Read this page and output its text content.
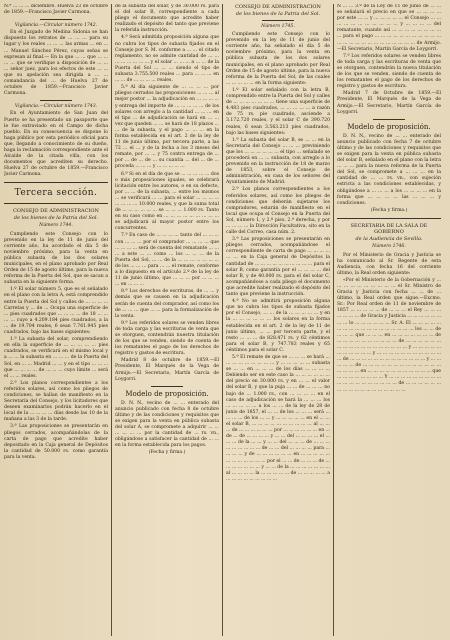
Ñ.ª ... ... ... diciembre. Huelva 23 de octubre de 1859.—Francisco Javier Carmona.

Vigilancia.—Circular número 1742.

En el Juzgado de Medina Sidonia se han dispuesto los retratos de ... ... ... para su lugar y los reales ... ... ... las armas ... en ... ... Manuel Sánchez Pérez, cuyas señas se expresan al final.— En la que ... ... que ... ... ... ... que se verifique a disposición de ... ... ... señor juez, para los efectos de este ... ... que su apelación sea dirigida a ... ... comandancia del ... de Huelva 27 de octubre de 1859.—Francisco Javier Carmona.

Vigilancia.—Circular número 1743.

En el Ayuntamiento de San Juan del Puerto se ha presentado un pasaporte que le fue extraviado en el Campo de dicha pueblo. En su consecuencia se dispone lo haga público por esta periódico oficial para que, llegando a conocimiento de su dueño, haga la reclamación correspondiente ante el Alcalde de la citada villa, con los documentos que acrediten su derecho. Huelva 27 de octubre de 1859.—Francisco Javier Carmona.

Tercera sección.
CONSEJO DE ADMINISTRACION
de los bienes de la Patria del Sol.
Número 1744.

Cumpliendo este Consejo con lo prevenido en la ley de 11 de junio del corriente año, ha acordado el día 5 de noviembre próximo, para la venta en pública subasta de los dos solares municipales, en el plano aprobado por Real Orden de 15 de agosto último, para la nueva reforma de la Puerta del Sol, que se sacan a subasta en la siguiente forma.

1.º El solar número 5, que es el señalado en el plano con la letra A, está comprendido entre la Puerta del Sol y calles de ... ... ... ... Carretas y ... de ... Ocupa una superficie de ... pies cuadrados que ... ... ... ... de 18 ... ... ... ... cuyo a 4.209.184 pies cuadrados, a la ... de 19.704 reales, 6 sean 7.761.945 pies cuadrados, bajo las bases siguientes:

1.ª La subasta del solar, comprendiendo en ella la superficie de ... ... ... ... ... pies cuadrados, se verificará en el mismo local y a ... ... la subasta en ... ... ... de la Puerta del Sol, en ... ... Madrid ... ... y en el tipo ... ... ... que ... ... ... ... de ... ... ... cuyo límite ... será el ... ... reales.

2.ª Los planos correspondientes a los referidos solares, así como los pliegos de condiciones, se hallan de manifiesto en la Secretaría del Consejo, y los licitadores que deseen examinarlos podrán hacerlo en el local de la ... ... ... ... días desde las 10 de la mañana a las 3 de la tarde.

3.ª Las proposiciones se presentarán en pliegos cerrados, acompañándolas de la carta de pago que acredite haber depositado en la Caja general de Depósitos la cantidad de 50.000 rs. como garantía para la venta.

de la subasta del solar, y de 30.000 rs. para el del solar B, correspondiente a cada pliego el documento que acredite haber realizado el depósito del tanto que previene la referida instrucción.

4.ª Será admitida proposición alguna que no cubra los tipos de subasta fijados en el Consejo por S. M. conforme a ... ... el citado reglamento, no se admite cantidad de ... ... ... ... ... ... ... ... y el solar ... ... ... a ... ... de la Puerta del Sol ... ... ... siendo el tipo de subasta 3.755.500 reales ... para ... ... ... en ... ... de ... ... ... ... reales.

5.ª Al día siguiente de ... ... ... ... por pliegos cerrados las proposiciones ... ... ... al mejor postor ... la adjudicación en ... ... ... ... y entrega del importe de ... ... ... ... ... de los solares con arreglo a la cantidad ... ... ... en el tipo ... de adjudicación se hará en ... ... vez que queden ... ... se hará de 18 plazos ... ... de la subasta, y el pago ... ... ... en la forma establecida en el art. 2 de la ley de 11 de junio último, por tercera parte, a las 72 ... el ... y de la fecha a los 3 meses del remate, por ... ... y 75 contra entrega de ... por ... de ... de ... su cuantía ... del ... de ... proceda ... ... ... y ... ... ... ... ...

6.ª Si en el día de que se ... ... ... ... ... dos o más proposiciones iguales, se celebrará licitación entre los autores, o en su defecto, por ... ... de la subasta, ... entre los mismos ... se verificará ... ... para el solar ... ... ... ... ... ... ... ... 10.000 reales, y que la suma total de ... ... ... ... ... ... se ... ... ... 1.000 rs. Tanto en su caso como en ... ... ... ... ... ... ... ... ... se adjudicará al mayor postor entre los concurrentes.

7.ª En caso de ... ... ... ... tanto del ... ... ... con ... ... ... por el comprador ... ... ... ... que ... ... ... ... será de cuenta del rematante ... ... ... a este ... ... como ... los ... ... ... de la Puerta del Sol, ... ... de la ... ... ... ... ... ... ... de los ... ... ... para ... ... el remate, conforme a lo dispuesto en el artículo 2.º de la ley de 11 de junio último, que ... ... ... por ... ... ... ... en ... ... ...

8.ª Los derechos de escrituras, de ... ... y demás que se causen en la adjudicación serán de cuenta del comprador, así como los de ... ... ... que ... ... para la formalización de la venta.

9.ª Los referidos solares se venden libres de toda carga y las escrituras de venta que se otorguen, contendrán nuestra titulación de los que se venden, siendo de cuenta de los rematantes el pago de los derechos de registro y gastos de escritura.

Madrid 8 de octubre de 1859.—El Presidente, El Marqués de la Vega de Armijo.—El Secretario, Martín García de Loygorri.

Modelo de proposición.

D. N. N., vecino de ... ... enterado del anuncio publicado con fecha 8 de octubre último y de las condiciones y requisitos que se exigen para la venta en pública subasta del solar A, se compromete a adquirir ... ... ... ... ... ... por la cantidad de ... rs. vn., obligándose a satisfacer la cantidad de ... ... en la forma establecida para los pagos.

(Fecha y firma.)

CONSEJO DE ADMINISTRACION
de los bienes de la Patria del Sol.
Número 1745.

Cumpliendo este Consejo con lo prevenido en la ley de 11 de junio del corriente año, ha señalado el día 5 de noviembre próximo, para la venta en pública subasta de los dos solares municipales, en el plano aprobado por Real Orden de 15 de agosto último, para la nueva reforma de la Puerta del Sol, de las cuales ... ... ... ... ... en la forma siguiente:

1.º El solar señalado con la letra B, comprendido entre la Puerta del Sol y calles de ... ... ... ... ... ... ... tiene una superficie de 4.483 pies cuadrados, ... ... ... ... ... a razón de 75 rs. pie cuadrado, asciende a 3.172.720 reales, y el solar C de 390.720 reales, 6 sean 3.563.213 pies cuadrados, bajo las bases siguientes:

1.ª La subasta del solar B, se ... ... en la Secretaría del Consejo ... ... ... previniendo que los ... ... ... ... ... ... el tipo ... señalado se procederá en ... ... subasta, con arreglo a lo prevenido en la instrucción de 18 de marzo de 1853, sobre el Consejo de administración, en casa de los señores del Ayuntamiento de Madrid.

2.ª Los planos correspondientes a los referidos solares, así como los pliegos de condiciones que deberán sujetarse los compradores, estarán de manifiesto en el local que ocupa el Consejo en la Puerta del Sol, número 1, y 2.º piso, 2.ª derecha, y por ... ... ... ... la Dirección Facultativa, sito en la calle del Correo, casa núm. 2.

3.ª Las proposiciones se presentarán en pliegos cerrados, acompañándose el correspondiente de carta de pago ... ... ... ... ... ... en la Caja general de Depósitos la cantidad de ... ... ... ... ... ... ... ... ... ... para el solar B, como garantía por el ... ... ... ... del solar B, y de 40.000 rs. para el del solar C, acompañándose a cada pliego el documento que acredite haber realizado el depósito del tanto que previene la instrucción.

4.ª No se admitirá proposición alguna que no cubra los tipos de subasta fijados por el Consejo, ... ... de la ... ... ... ... ... y en la ... ... ... ... ... ... los solares en la forma establecida en el art. 2 de la ley de 11 de junio último, ... ... por tercera parte, y el resto ... ... ... de 828.471 rs. y 62 céntimos para el solar B, y 747.783 reales y 65 céntimos para el solar C.

5.ª El remate de que se ... ... ... se hará ... ... ... ... ... ... ... ... ... y ... ... ... ... ... subasta se ... ... en ... ... ... de los días ... ... ... ... Debiendo ser en este caso la ... ... ... ... ... ... del precio en 30.000 rs. y en ... ... el valor del solar B, y que la puja ... ... de ... ... ... no bajo de ... 1.000 rs., con ... ... ... ... en el caso de adjudicación se hará la ... ... ... los ... ... ... ... ... a los ... ... de la ley de 28 de junio de 1857, el ... ... de los ... ... ... será ... ... ... ... de los ... ... y ... ... ... ... ... en el ... ... el solar B, ... ... ... ... ... ... ... ... ... ... al ... ... ... de ... ... ... ... ... ... por ... ... ... ... ... ... en ... de ... de ... ... ... ... y ... ... del ... ... ... ... el ... ... ... de la ... ... y ... ... del ... ... ... de ... ... ... ... ... ... ... ... ... de ... ... del ... ... ... ... para ... ... ... ... y de ... ... ... ... ... ... en ... ... ... ... ... ... ... ... ... ... ... ... por el ... ... de ... ... ... de ... ... ... ... ... ... ... y ... ... de la ... ... ... ... ... ... ... al ... ... ... ... la ... ... ... ... ... de ... ... ... ... ... a ... ... ... ... ... ... ... ... ...

Ñ ... ... 3.º de la Ley de 11 de junio de ... ... se señalará el precio en que se ... ... ... ... por este ... ... y ... ... ... ... ... el Consejo ... ... ... ... ... ... ... ... ... ... ... y ... ... ... ... del rematante, cuando así ... ... ... ... ... ... ... ... ... para el pago ... ... ... ... ... ... ... ... ... ... ... ... ... ... ... ... ... ... ... ... ... ... ... ... de Armijo.—El Secretario, Martín García de Loygorri.

7.ª Los referidos solares se venden libres de toda carga y las escrituras de venta que se otorguen, contendrán la nueva titulación de los que se venden, siendo de cuenta de los rematantes el pago de los derechos de registro y gastos de escritura.

Madrid 7 de Octubre de 1859.—El Presidente, El Marqués de la Vega de Armijo.—El Secretario, Martín García de Loygorri.

Modelo de proposición.

D. N. N., vecino de ... ... enterado del anuncio publicado con fecha 7 de octubre último y de las condiciones y requisitos que se exigen para la venta en pública subasta del solar B, señalado en el plano con la letra ... ... ... para la nueva reforma de la Puerta del Sol, se compromete a ... ... ... en la cantidad de ... ... rs. vn., con sujeción estricta a las condiciones establecidas, y obligándose a ... ... ... a los ... ... ... ... en la forma que ... ... ... ... las ... ... ... y condiciones.

(Fecha y firma.)

SECRETARIA DE LA SALA DE GOBIERNO
de la Audiencia de Sevilla.
Número 1746.

Por el Ministerio de Gracia y Justicia se ha comunicado al Sr. Regente de esta Audiencia, con fecha 16 del corriente último, la Real orden siguiente:

«Por el Ministerio de la Gobernación y ... ... ... ... ... ... ... ... ... ... el Sr. Ministro de Gracia y Justicia con fecha ... ... de ... último, la Real orden que sigue.—Excmo. Sr.: Por Real orden de 11 de noviembre de 1857 ... ... ... ... ... de ... ... ... el Rey ... ... ... ... ... ... ... de Gracia y Justicia ... ... ... ... ... ... ... ... lo ... ... ... ... ... ... Sr. A. El ... ... ... ... ... ... ... ... ... ... ... ... ... ... ... ... ... ... los ... ... de ... ... ... que ... ... ... en ... ... ... ... ... ... ... de ... ... ... ... ... ... ... ... ... ... de ... ... ... ... ... ... ... ... ... ... ... ... ... ... ... ... ... ... y ... ... ... ... ... ... ... ... ... ... ... y ... ... ... ... ... ... ... ... ... ... ... ... de ... ... ... ... ... ... ... ... ... ... ... ... ... y ... ... ... ... ... de ... ... ... ... ... ... ... ... ... ... ... ... ... ... ... ... ... en ... ... ... ... ... ... ... ... ... ... ... que ... ... ... ... ... ... ... ... Y ... ... ... ... ... ... ... ... ... ... ... ... ... ... ... ... ... ... ... de ... ... ... ... ... ... ... ... ... ... ... ... ... ... ... ... ... ...
